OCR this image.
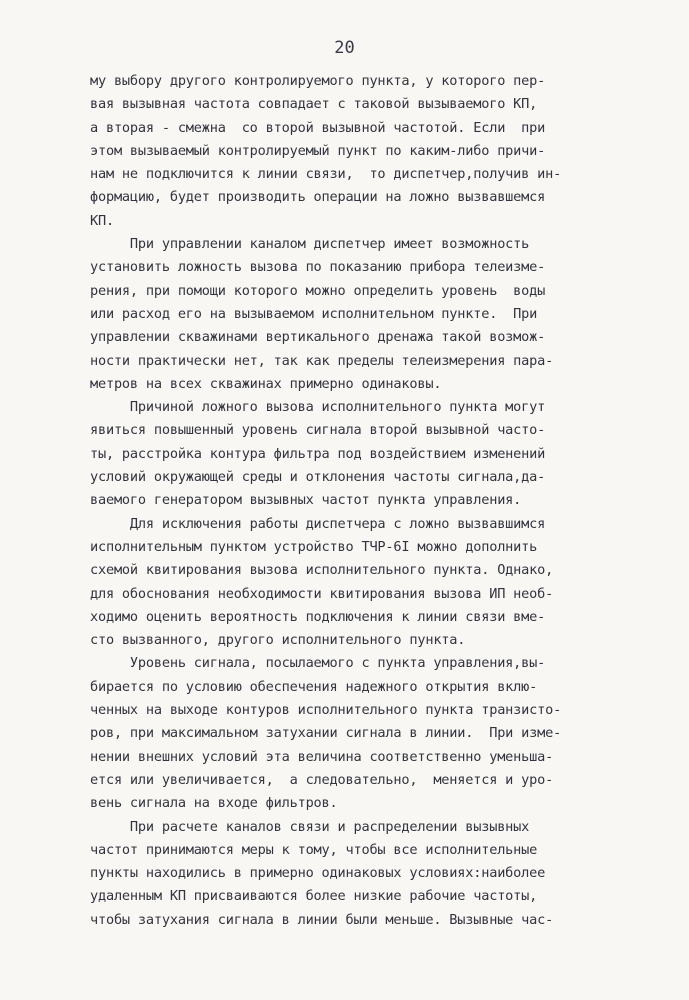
20
му выбору другого контролируемого пункта, у которого пер-
вая вызывная частота совпадает с таковой вызываемого КП,
а вторая - смежна  со второй вызывной частотой. Если  при
этом вызываемый контролируемый пункт по каким-либо причи-
нам не подключится к линии связи,  то диспетчер,получив ин-
формацию, будет производить операции на ложно вызвавшемся
КП.
При управлении каналом диспетчер имеет возможность
установить ложность вызова по показанию прибора телеизме-
рения, при помощи которого можно определить уровень  воды
или расход его на вызываемом исполнительном пункте.  При
управлении скважинами вертикального дренажа такой возмож-
ности практически нет, так как пределы телеизмерения пара-
метров на всех скважинах примерно одинаковы.
Причиной ложного вызова исполнительного пункта могут
явиться повышенный уровень сигнала второй вызывной часто-
ты, расстройка контура фильтра под воздействием изменений
условий окружающей среды и отклонения частоты сигнала,да-
ваемого генератором вызывных частот пункта управления.
Для исключения работы диспетчера с ложно вызвавшимся
исполнительным пунктом устройство ТЧР-6І можно дополнить
схемой квитирования вызова исполнительного пункта. Однако,
для обоснования необходимости квитирования вызова ИП необ-
ходимо оценить вероятность подключения к линии связи вме-
сто вызванного, другого исполнительного пункта.
Уровень сигнала, посылаемого с пункта управления,вы-
бирается по условию обеспечения надежного открытия вклю-
ченных на выходе контуров исполнительного пункта транзисто-
ров, при максимальном затухании сигнала в линии.  При изме-
нении внешних условий эта величина соответственно уменьша-
ется или увеличивается,  а следовательно,  меняется и уро-
вень сигнала на входе фильтров.
При расчете каналов связи и распределении вызывных
частот принимаются меры к тому, чтобы все исполнительные
пункты находились в примерно одинаковых условиях:наиболее
удаленным КП присваиваются более низкие рабочие частоты,
чтобы затухания сигнала в линии были меньше. Вызывные час-
